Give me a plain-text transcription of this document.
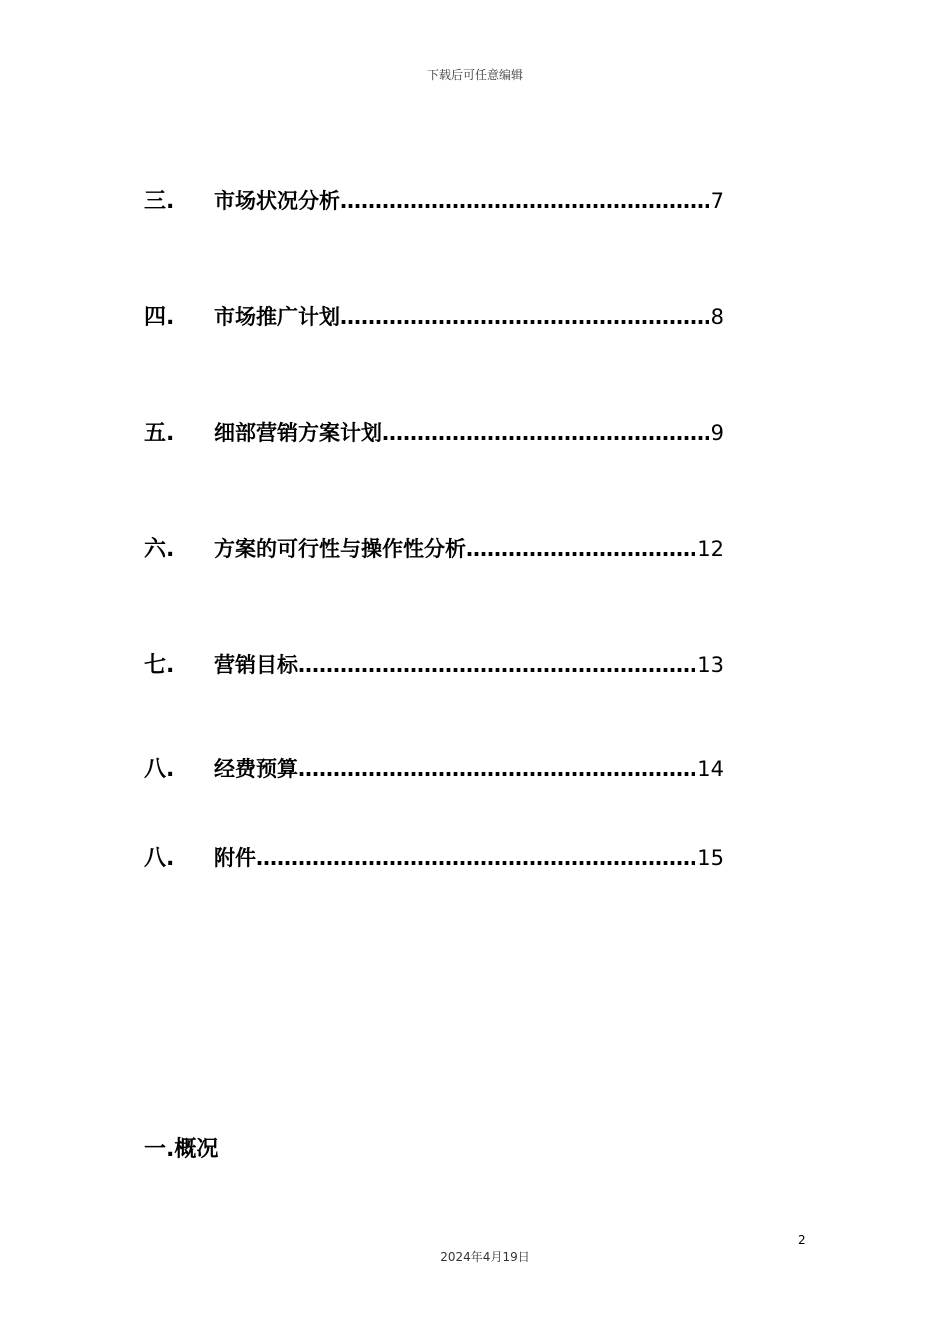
下载后可任意编辑
三.	市场状况分析 …………………………………………………………………………………………………………………………………………	7
四.	市场推广计划 …………………………………………………………………………………………………………………………………………	8
五.	细部营销方案计划 …………………………………………………………………………………………………………………………………………	9
六.	方案的可行性与操作性分析 …………………………………………………………………………………………………………………………………………	12
七.	营销目标 …………………………………………………………………………………………………………………………………………	13
八.	经费预算 …………………………………………………………………………………………………………………………………………	14
八.	附件 …………………………………………………………………………………………………………………………………………	15
一.概况
2
2024年4月19日
